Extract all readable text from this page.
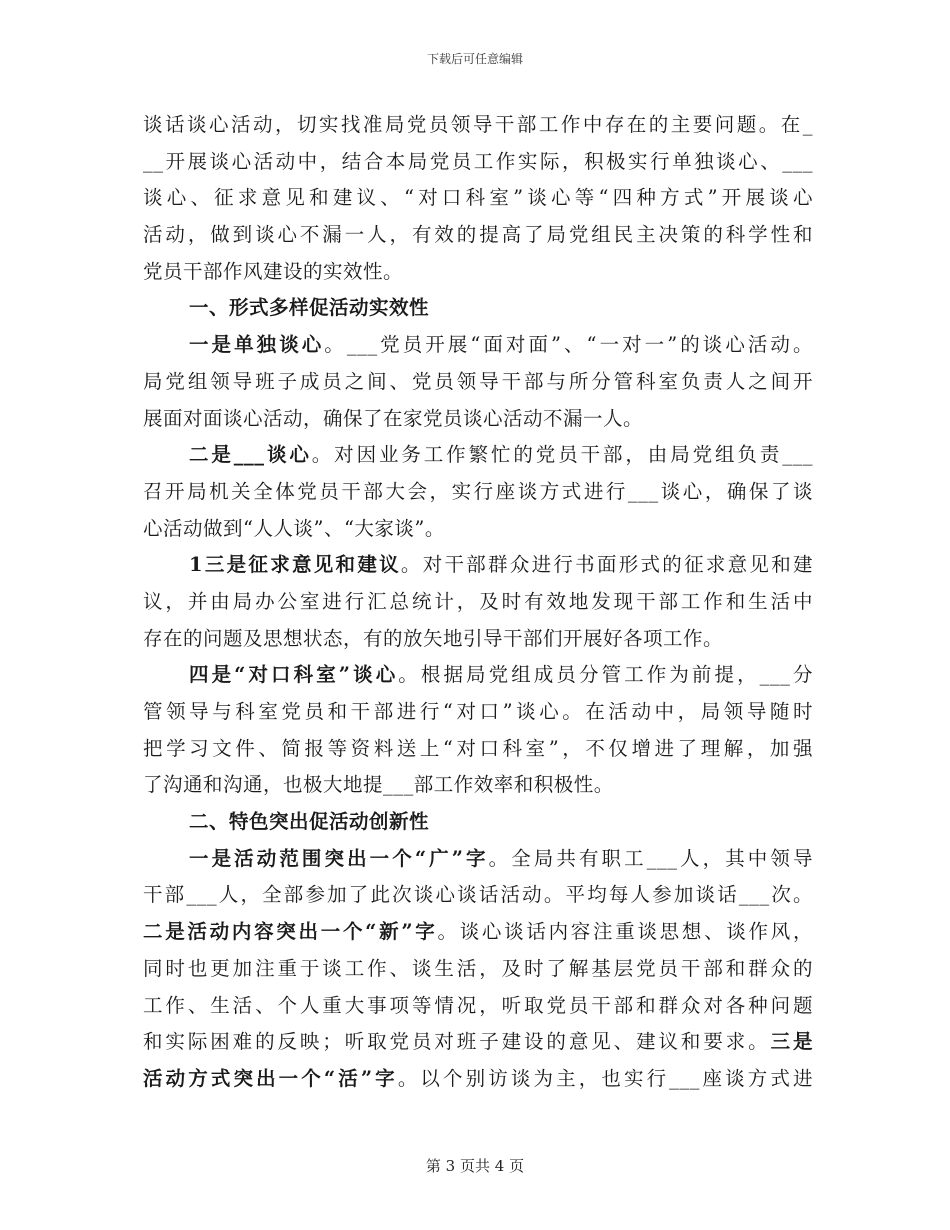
下载后可任意编辑
谈话谈心活动，切实找准局党员领导干部工作中存在的主要问题。在_
__开展谈心活动中，结合本局党员工作实际，积极实行单独谈心、___
谈心、征求意见和建议、“对口科室”谈心等“四种方式”开展谈心
活动，做到谈心不漏一人，有效的提高了局党组民主决策的科学性和
党员干部作风建设的实效性。
一、形式多样促活动实效性
一是单独谈心。___党员开展“面对面”、“一对一”的谈心活动。
局党组领导班子成员之间、党员领导干部与所分管科室负责人之间开
展面对面谈心活动，确保了在家党员谈心活动不漏一人。
二是___谈心。对因业务工作繁忙的党员干部，由局党组负责___
召开局机关全体党员干部大会，实行座谈方式进行___谈心，确保了谈
心活动做到“人人谈”、“大家谈”。
1三是征求意见和建议。对干部群众进行书面形式的征求意见和建
议，并由局办公室进行汇总统计，及时有效地发现干部工作和生活中
存在的问题及思想状态，有的放矢地引导干部们开展好各项工作。
四是“对口科室”谈心。根据局党组成员分管工作为前提，___分
管领导与科室党员和干部进行“对口”谈心。在活动中，局领导随时
把学习文件、简报等资料送上“对口科室”，不仅增进了理解，加强
了沟通和沟通，也极大地提___部工作效率和积极性。
二、特色突出促活动创新性
一是活动范围突出一个“广”字。全局共有职工___人，其中领导
干部___人，全部参加了此次谈心谈话活动。平均每人参加谈话___次。
二是活动内容突出一个“新”字。谈心谈话内容注重谈思想、谈作风，
同时也更加注重于谈工作、谈生活，及时了解基层党员干部和群众的
工作、生活、个人重大事项等情况，听取党员干部和群众对各种问题
和实际困难的反映；听取党员对班子建设的意见、建议和要求。三是
活动方式突出一个“活”字。以个别访谈为主，也实行___座谈方式进
第 3 页共 4 页
